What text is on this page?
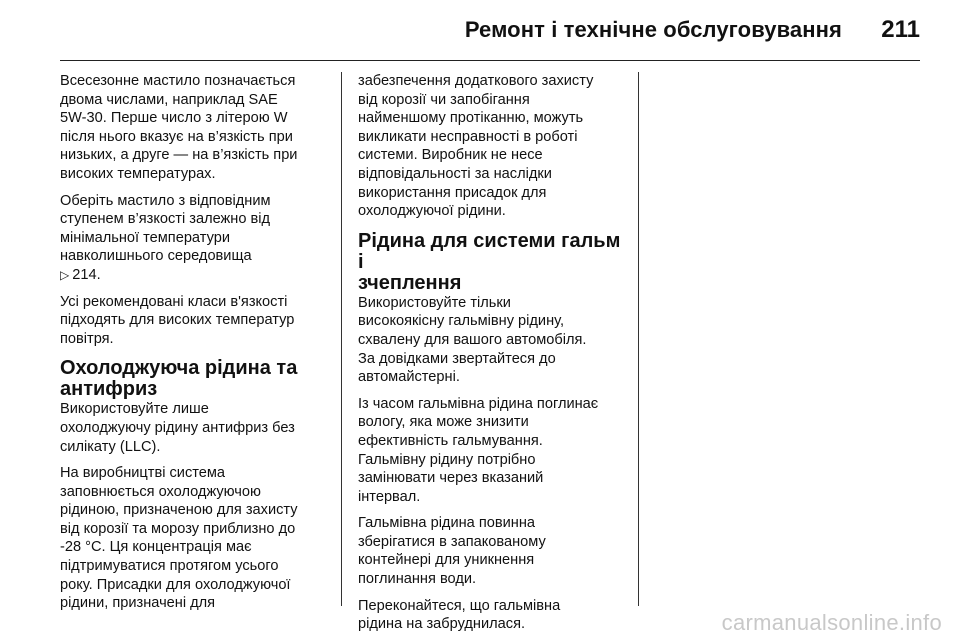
Ремонт і технічне обслуговування 211

Всесезонне мастило позначається
двома числами, наприклад SAE
5W-30. Перше число з літерою W
після нього вказує на в’язкість при
низьких, а друге — на в’язкість при
високих температурах.

Оберіть мастило з відповідним
ступенем в’язкості залежно від
мінімальної температури
навколишнього середовища
▷ 214.

Усі рекомендовані класи в'язкості
підходять для високих температур
повітря.

Охолоджуюча рідина та
антифриз

Використовуйте лише
охолоджуючу рідину антифриз без
силікату (LLC).

На виробництві система
заповнюється охолоджуючою
рідиною, призначеною для захисту
від корозії та морозу приблизно до
-28 °C. Ця концентрація має
підтримуватися протягом усього
року. Присадки для охолоджуючої
рідини, призначені для

забезпечення додаткового захисту
від корозії чи запобігання
найменшому протіканню, можуть
викликати несправності в роботі
системи. Виробник не несе
відповідальності за наслідки
використання присадок для
охолоджуючої рідини.

Рідина для системи гальм і
зчеплення

Використовуйте тільки
високоякісну гальмівну рідину,
схвалену для вашого автомобіля.
За довідками звертайтеся до
автомайстерні.

Із часом гальмівна рідина поглинає
вологу, яка може знизити
ефективність гальмування.
Гальмівну рідину потрібно
замінювати через вказаний
інтервал.

Гальмівна рідина повинна
зберігатися в запакованому
контейнері для уникнення
поглинання води.

Переконайтеся, що гальмівна
рідина на забруднилася.	carmanualsonline.info
